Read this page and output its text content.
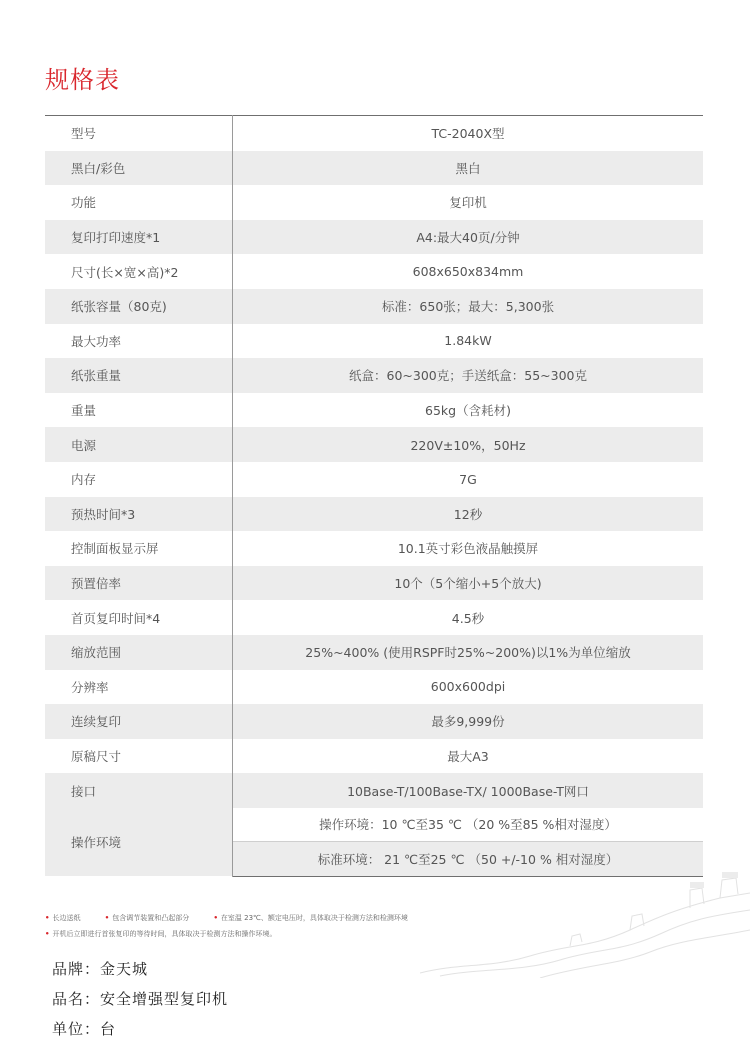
规格表
型号	TC-2040X型
黑白/彩色	黑白
功能	复印机
复印打印速度*1	A4:最大40页/分钟
尺寸(长×宽×高)*2	608x650x834mm
纸张容量（80克)	标准：650张；最大：5,300张
最大功率	1.84kW
纸张重量	纸盒：60~300克；手送纸盒：55~300克
重量	65kg（含耗材)
电源	220V±10%，50Hz
内存	7G
预热时间*3	12秒
控制面板显示屏	10.1英寸彩色液晶触摸屏
预置倍率	10个（5个缩小+5个放大)
首页复印时间*4	4.5秒
缩放范围	25%~400% (使用RSPF时25%~200%)以1%为单位缩放
分辨率	600x600dpi
连续复印	最多9,999份
原稿尺寸	最大A3
接口	10Base-T/100Base-TX/ 1000Base-T网口
操作环境	操作环境：10 ℃至35 ℃ （20 %至85 %相对湿度）
	标准环境： 21 ℃至25 ℃ （50 +/-10 % 相对湿度）
• 长边送纸	• 包含调节装置和凸起部分	• 在室温 23℃、额定电压时，具体取决于检测方法和检测环境
• 开机后立即进行首张复印的等待时间，具体取决于检测方法和操作环境。
品牌：金天城
品名：安全增强型复印机
单位：台
